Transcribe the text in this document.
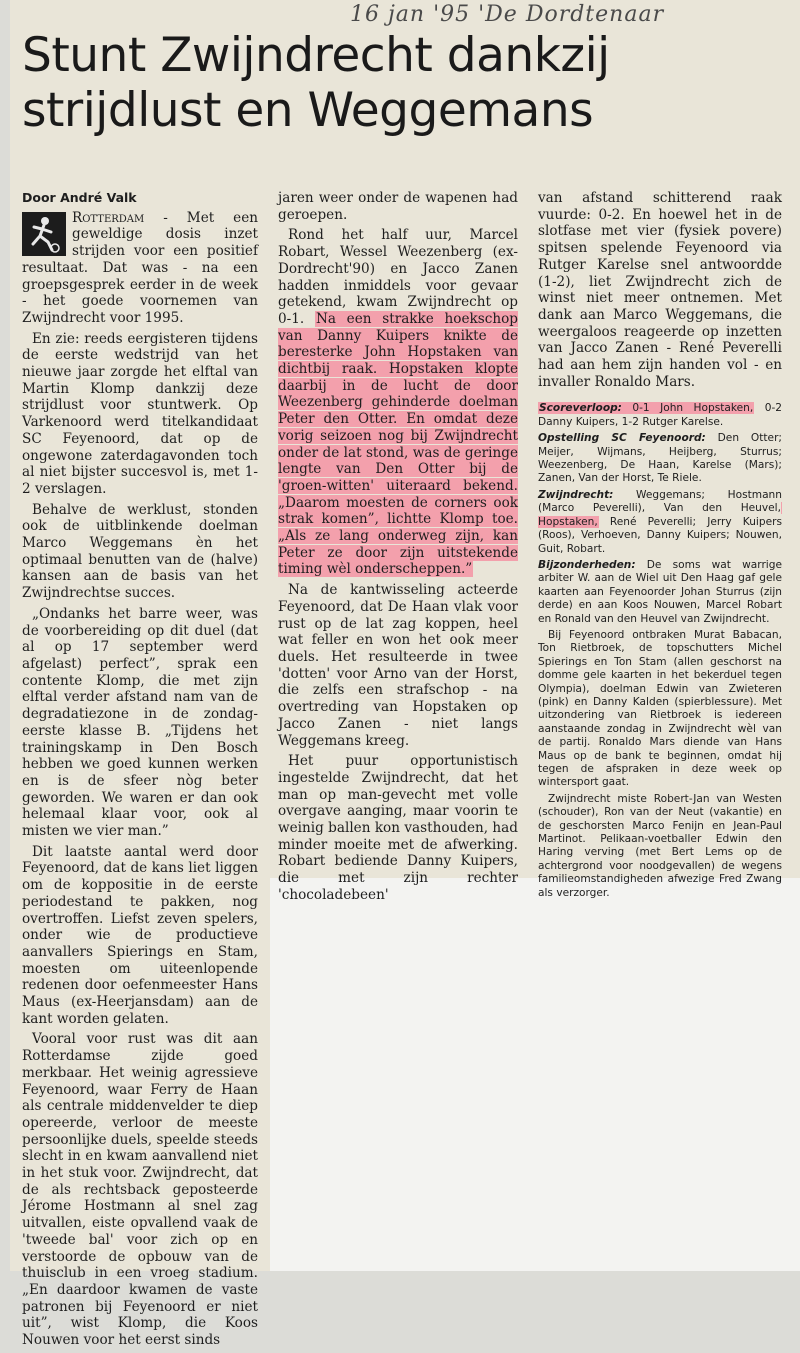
16 jan '95 'De Dordtenaar
Stunt Zwijndrecht dankzij strijdlust en Weggemans
Door André Valk

Rotterdam - Met een geweldige dosis inzet strijden voor een positief resultaat. Dat was - na een groepsgesprek eerder in de week - het goede voornemen van Zwijndrecht voor 1995.

En zie: reeds eergisteren tijdens de eerste wedstrijd van het nieuwe jaar zorgde het elftal van Martin Klomp dankzij deze strijdlust voor stuntwerk. Op Varkenoord werd titelkandidaat SC Feyenoord, dat op de ongewone zaterdagavonden toch al niet bijster succesvol is, met 1-2 verslagen.

Behalve de werklust, stonden ook de uitblinkende doelman Marco Weggemans èn het optimaal benutten van de (halve) kansen aan de basis van het Zwijndrechtse succes.

„Ondanks het barre weer, was de voorbereiding op dit duel (dat al op 17 september werd afgelast) perfect”, sprak een contente Klomp, die met zijn elftal verder afstand nam van de degradatiezone in de zondag-eerste klasse B. „Tijdens het trainingskamp in Den Bosch hebben we goed kunnen werken en is de sfeer nòg beter geworden. We waren er dan ook helemaal klaar voor, ook al misten we vier man.”

Dit laatste aantal werd door Feyenoord, dat de kans liet liggen om de koppositie in de eerste periodestand te pakken, nog overtroffen. Liefst zeven spelers, onder wie de productieve aanvallers Spierings en Stam, moesten om uiteenlopende redenen door oefenmeester Hans Maus (ex-Heerjansdam) aan de kant worden gelaten.

Vooral voor rust was dit aan Rotterdamse zijde goed merkbaar. Het weinig agressieve Feyenoord, waar Ferry de Haan als centrale middenvelder te diep opereerde, verloor de meeste persoonlijke duels, speelde steeds slecht in en kwam aanvallend niet in het stuk voor. Zwijndrecht, dat de als rechtsback geposteerde Jérome Hostmann al snel zag uitvallen, eiste opvallend vaak de 'tweede bal' voor zich op en verstoorde de opbouw van de thuisclub in een vroeg stadium. „En daardoor kwamen de vaste patronen bij Feyenoord er niet uit”, wist Klomp, die Koos Nouwen voor het eerst sinds

jaren weer onder de wapenen had geroepen.

Rond het half uur, Marcel Robart, Wessel Weezenberg (ex-Dordrecht'90) en Jacco Zanen hadden inmiddels voor gevaar getekend, kwam Zwijndrecht op 0-1. Na een strakke hoekschop van Danny Kuipers knikte de beresterke John Hopstaken van dichtbij raak. Hopstaken klopte daarbij in de lucht de door Weezenberg gehinderde doelman Peter den Otter. En omdat deze vorig seizoen nog bij Zwijndrecht onder de lat stond, was de geringe lengte van Den Otter bij de 'groen-witten' uiteraard bekend. „Daarom moesten de corners ook strak komen”, lichtte Klomp toe. „Als ze lang onderweg zijn, kan Peter ze door zijn uitstekende timing wèl onderscheppen.”

Na de kantwisseling acteerde Feyenoord, dat De Haan vlak voor rust op de lat zag koppen, heel wat feller en won het ook meer duels. Het resulteerde in twee 'dotten' voor Arno van der Horst, die zelfs een strafschop - na overtreding van Hopstaken op Jacco Zanen - niet langs Weggemans kreeg.

Het puur opportunistisch ingestelde Zwijndrecht, dat het man op man-gevecht met volle overgave aanging, maar voorin te weinig ballen kon vasthouden, had minder moeite met de afwerking. Robart bediende Danny Kuipers, die met zijn rechter 'chocoladebeen'

van afstand schitterend raak vuurde: 0-2. En hoewel het in de slotfase met vier (fysiek povere) spitsen spelende Feyenoord via Rutger Karelse snel antwoordde (1-2), liet Zwijndrecht zich de winst niet meer ontnemen. Met dank aan Marco Weggemans, die weergaloos reageerde op inzetten van Jacco Zanen - René Peverelli had aan hem zijn handen vol - en invaller Ronaldo Mars.

Scoreverloop: 0-1 John Hopstaken, 0-2 Danny Kuipers, 1-2 Rutger Karelse.

Opstelling SC Feyenoord: Den Otter; Meijer, Wijmans, Heijberg, Sturrus; Weezenberg, De Haan, Karelse (Mars); Zanen, Van der Horst, Te Riele.

Zwijndrecht: Weggemans; Hostmann (Marco Peverelli), Van den Heuvel, Hopstaken, René Peverelli; Jerry Kuipers (Roos), Verhoeven, Danny Kuipers; Nouwen, Guit, Robart.

Bijzonderheden: De soms wat warrige arbiter W. aan de Wiel uit Den Haag gaf gele kaarten aan Feyenoorder Johan Sturrus (zijn derde) en aan Koos Nouwen, Marcel Robart en Ronald van den Heuvel van Zwijndrecht.

Bij Feyenoord ontbraken Murat Babacan, Ton Rietbroek, de topschutters Michel Spierings en Ton Stam (allen geschorst na domme gele kaarten in het bekerduel tegen Olympia), doelman Edwin van Zwieteren (pink) en Danny Kalden (spierblessure). Met uitzondering van Rietbroek is iedereen aanstaande zondag in Zwijndrecht wèl van de partij. Ronaldo Mars diende van Hans Maus op de bank te beginnen, omdat hij tegen de afspraken in deze week op wintersport gaat.

Zwijndrecht miste Robert-Jan van Westen (schouder), Ron van der Neut (vakantie) en de geschorsten Marco Fenijn en Jean-Paul Martinot. Pelikaan-voetballer Edwin den Haring verving (met Bert Lems op de achtergrond voor noodgevallen) de wegens familieomstandigheden afwezige Fred Zwang als verzorger.
